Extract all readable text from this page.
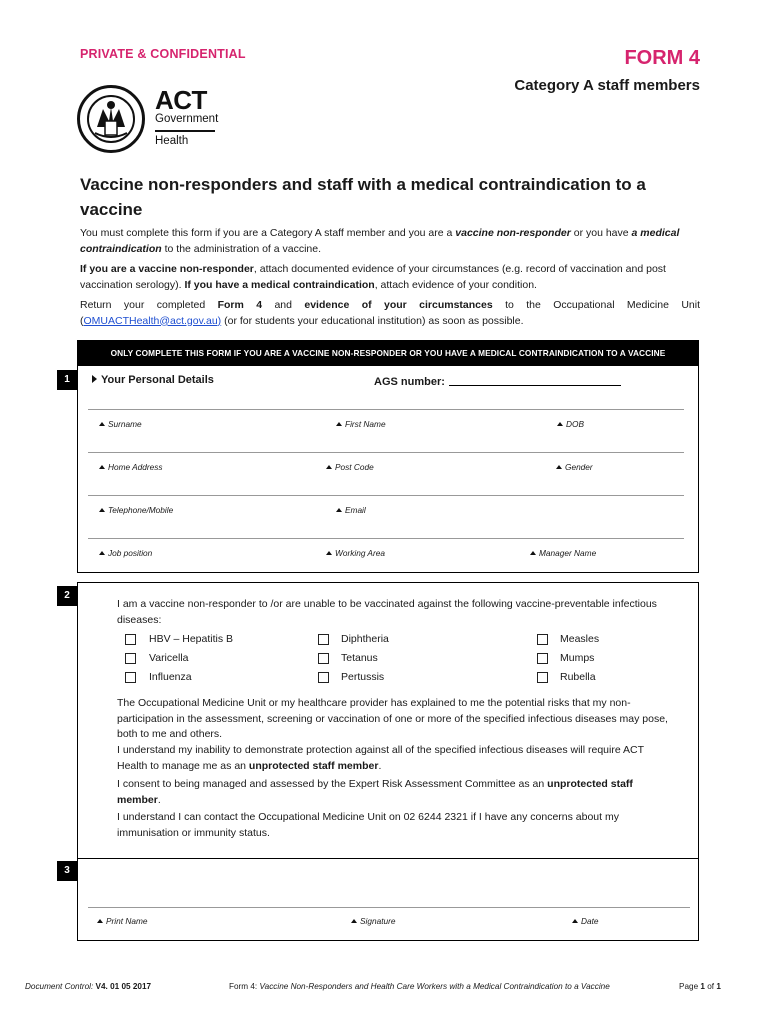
PRIVATE & CONFIDENTIAL	FORM 4
Category A staff members
ACT
Government
Health
Vaccine non-responders and staff with a medical contraindication to a vaccine
You must complete this form if you are a Category A staff member and you are a vaccine non-responder or you have a medical contraindication to the administration of a vaccine.
If you are a vaccine non-responder, attach documented evidence of your circumstances (e.g. record of vaccination and post vaccination serology). If you have a medical contraindication, attach evidence of your condition.
Return your completed Form 4 and evidence of your circumstances to the Occupational Medicine Unit (OMUACTHealth@act.gov.au) (or for students your educational institution) as soon as possible.
ONLY COMPLETE THIS FORM IF YOU ARE A VACCINE NON-RESPONDER OR YOU HAVE A MEDICAL CONTRAINDICATION TO A VACCINE
1	Your Personal Details	AGS number:
Surname	First Name	DOB
Home Address	Post Code	Gender
Telephone/Mobile	Email
Job position	Working Area	Manager Name
2
I am a vaccine non-responder to /or are unable to be vaccinated against the following vaccine-preventable infectious diseases:
HBV – Hepatitis B	Diphtheria	Measles
Varicella	Tetanus	Mumps
Influenza	Pertussis	Rubella
The Occupational Medicine Unit or my healthcare provider has explained to me the potential risks that my non-participation in the assessment, screening or vaccination of one or more of the specified infectious diseases may pose, both to me and others.
I understand my inability to demonstrate protection against all of the specified infectious diseases will require ACT Health to manage me as an unprotected staff member.
I consent to being managed and assessed by the Expert Risk Assessment Committee as an unprotected staff member.
I understand I can contact the Occupational Medicine Unit on 02 6244 2321 if I have any concerns about my immunisation or immunity status.
3
Print Name	Signature	Date
Document Control: V4. 01 05 2017	Form 4: Vaccine Non-Responders and Health Care Workers with a Medical Contraindication to a Vaccine	Page 1 of 1
